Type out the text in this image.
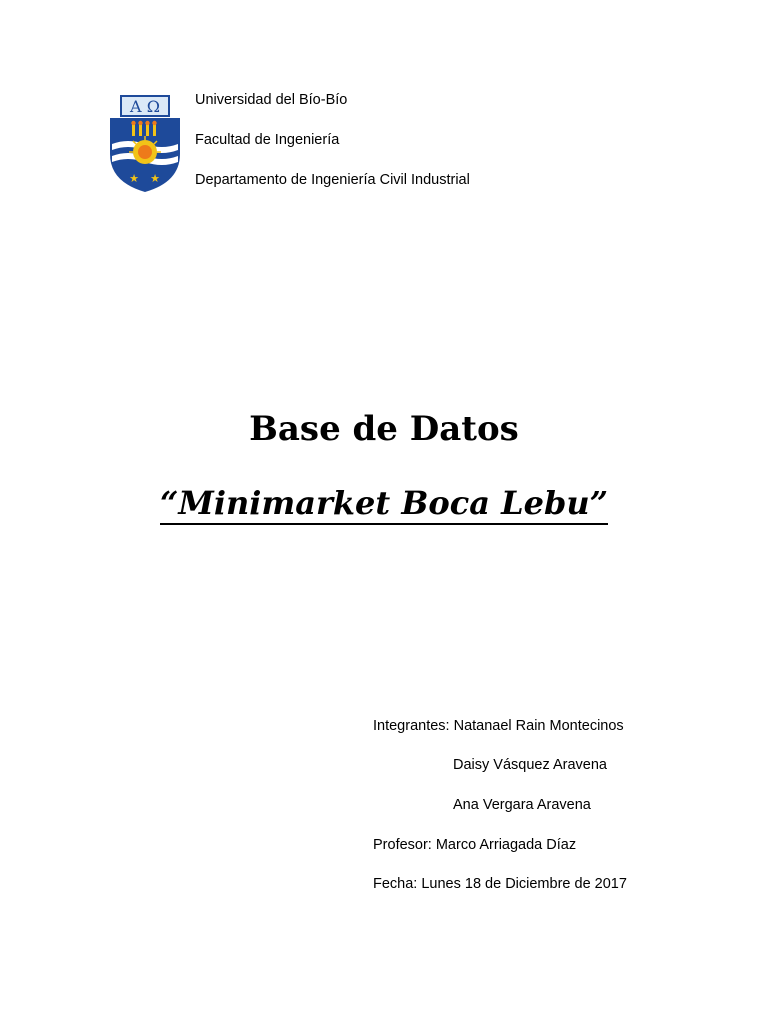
A Ω
★ ★
Universidad del Bío-Bío
Facultad de Ingeniería
Departamento de Ingeniería Civil Industrial
Base de Datos
“Minimarket Boca Lebu”
Integrantes: Natanael Rain Montecinos
Daisy Vásquez Aravena
Ana Vergara Aravena
Profesor: Marco Arriagada Díaz
Fecha: Lunes 18 de Diciembre de 2017
